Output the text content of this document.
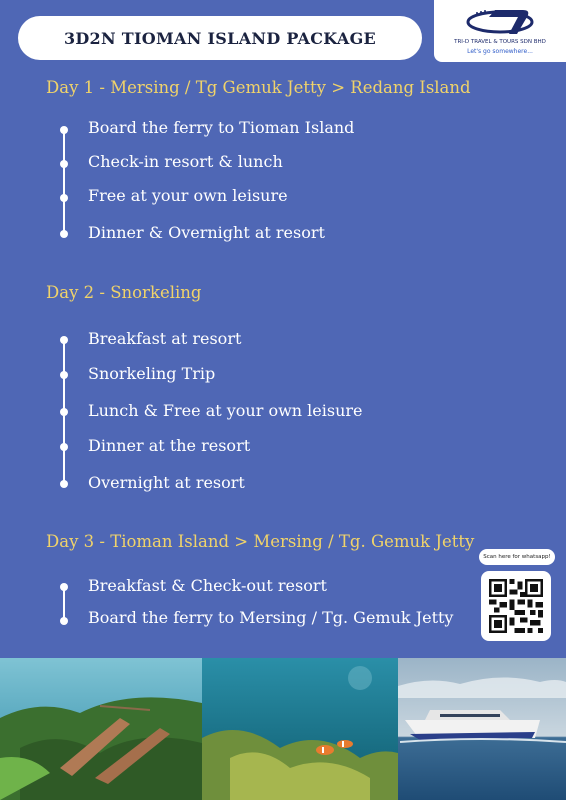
3D2N TIOMAN ISLAND PACKAGE	TRI-D TRAVEL & TOURS SDN BHD
Let's go somewhere...
Day 1 - Mersing / Tg Gemuk Jetty > Redang Island
Board the ferry to Tioman Island
Check-in resort & lunch
Free at your own leisure
Dinner & Overnight at resort
Day 2 - Snorkeling
Breakfast at resort
Snorkeling Trip
Lunch & Free at your own leisure
Dinner at the resort
Overnight at resort
Day 3 - Tioman Island > Mersing / Tg. Gemuk Jetty
Breakfast & Check-out resort
Board the ferry to Mersing / Tg. Gemuk Jetty
Scan here for whatsapp!
